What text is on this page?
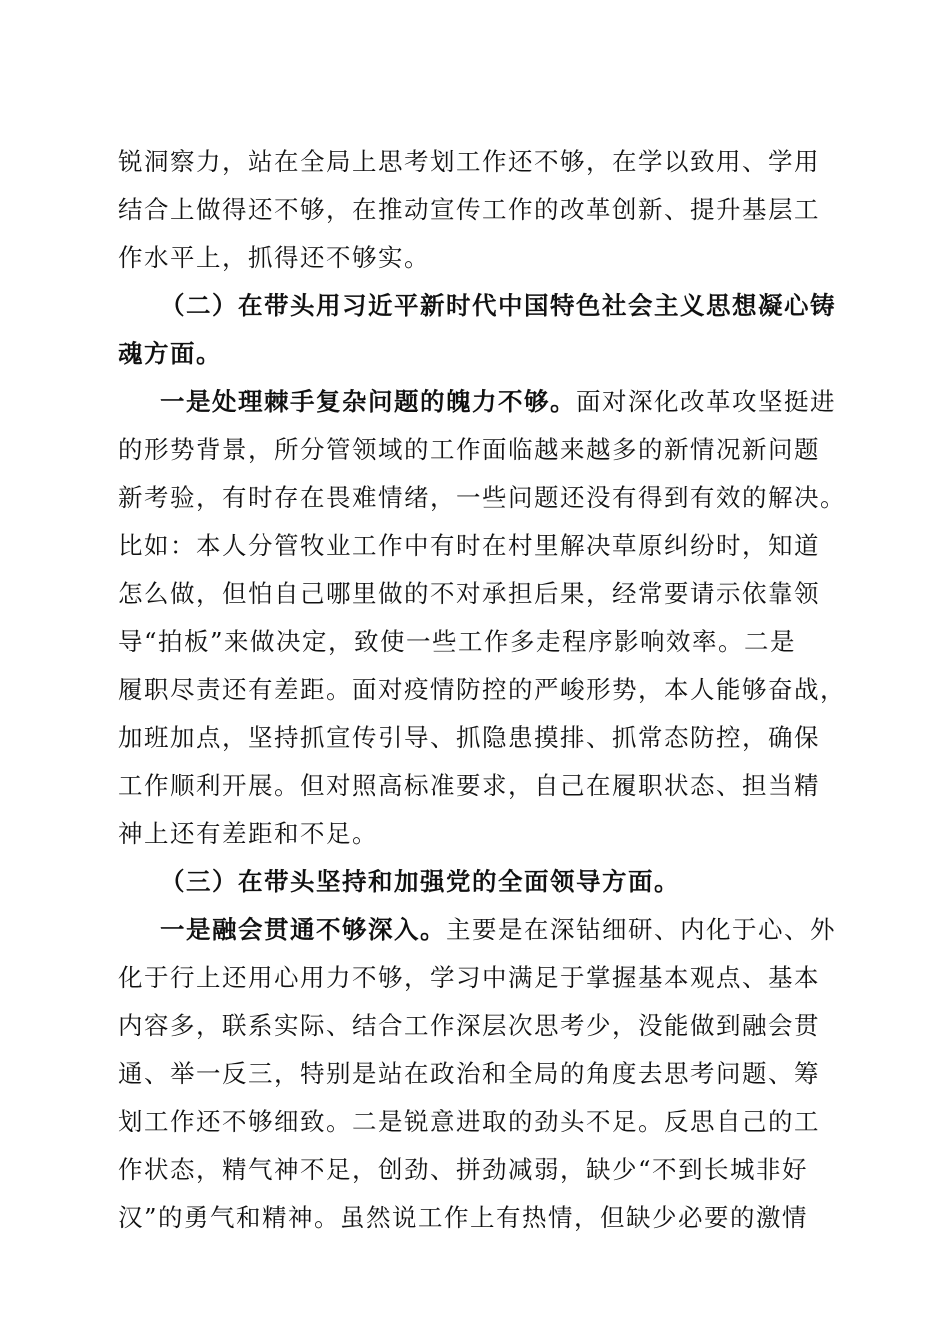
锐洞察力，站在全局上思考划工作还不够，在学以致用、学用
结合上做得还不够，在推动宣传工作的改革创新、提升基层工
作水平上，抓得还不够实。
（二）在带头用习近平新时代中国特色社会主义思想凝心铸
魂方面。
一是处理棘手复杂问题的魄力不够。面对深化改革攻坚挺进
的形势背景，所分管领域的工作面临越来越多的新情况新问题
新考验，有时存在畏难情绪，一些问题还没有得到有效的解决。
比如：本人分管牧业工作中有时在村里解决草原纠纷时，知道
怎么做，但怕自己哪里做的不对承担后果，经常要请示依靠领
导“拍板”来做决定，致使一些工作多走程序影响效率。二是
履职尽责还有差距。面对疫情防控的严峻形势，本人能够奋战，
加班加点，坚持抓宣传引导、抓隐患摸排、抓常态防控，确保
工作顺利开展。但对照高标准要求，自己在履职状态、担当精
神上还有差距和不足。
（三）在带头坚持和加强党的全面领导方面。
一是融会贯通不够深入。主要是在深钻细研、内化于心、外
化于行上还用心用力不够，学习中满足于掌握基本观点、基本
内容多，联系实际、结合工作深层次思考少，没能做到融会贯
通、举一反三，特别是站在政治和全局的角度去思考问题、筹
划工作还不够细致。二是锐意进取的劲头不足。反思自己的工
作状态，精气神不足，创劲、拼劲减弱，缺少“不到长城非好
汉”的勇气和精神。虽然说工作上有热情，但缺少必要的激情
